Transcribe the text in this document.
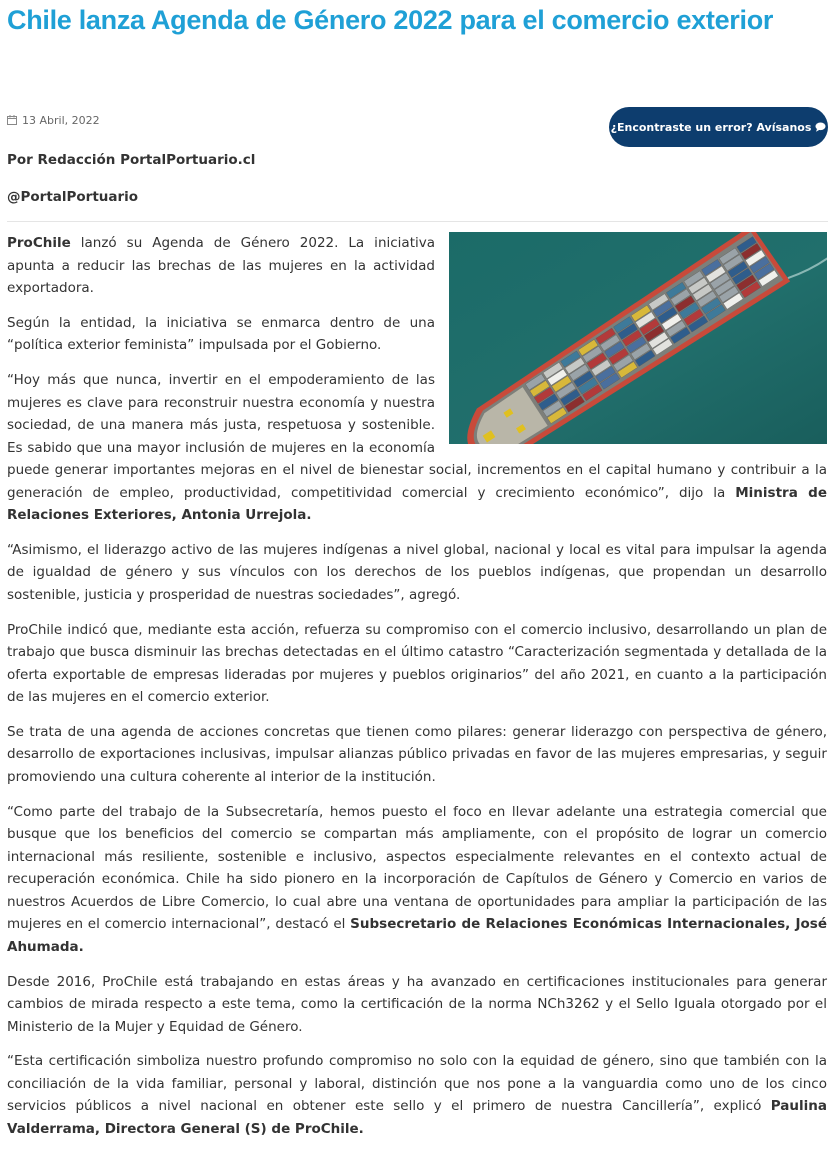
Chile lanza Agenda de Género 2022 para el comercio exterior
13 Abril, 2022
¿Encontraste un error? Avísanos

Por Redacción PortalPortuario.cl

@PortalPortuario

ProChile lanzó su Agenda de Género 2022. La iniciativa apunta a reducir las brechas de las mujeres en la actividad exportadora.

Según la entidad, la iniciativa se enmarca dentro de una “política exterior feminista” impulsada por el Gobierno.

“Hoy más que nunca, invertir en el empoderamiento de las mujeres es clave para reconstruir nuestra economía y nuestra sociedad, de una manera más justa, respetuosa y sostenible. Es sabido que una mayor inclusión de mujeres en la economía puede generar importantes mejoras en el nivel de bienestar social, incrementos en el capital humano y contribuir a la generación de empleo, productividad, competitividad comercial y crecimiento económico”, dijo la Ministra de Relaciones Exteriores, Antonia Urrejola.

“Asimismo, el liderazgo activo de las mujeres indígenas a nivel global, nacional y local es vital para impulsar la agenda de igualdad de género y sus vínculos con los derechos de los pueblos indígenas, que propendan un desarrollo sostenible, justicia y prosperidad de nuestras sociedades”, agregó.

ProChile indicó que, mediante esta acción, refuerza su compromiso con el comercio inclusivo, desarrollando un plan de trabajo que busca disminuir las brechas detectadas en el último catastro “Caracterización segmentada y detallada de la oferta exportable de empresas lideradas por mujeres y pueblos originarios” del año 2021, en cuanto a la participación de las mujeres en el comercio exterior.

Se trata de una agenda de acciones concretas que tienen como pilares: generar liderazgo con perspectiva de género, desarrollo de exportaciones inclusivas, impulsar alianzas público privadas en favor de las mujeres empresarias, y seguir promoviendo una cultura coherente al interior de la institución.

“Como parte del trabajo de la Subsecretaría, hemos puesto el foco en llevar adelante una estrategia comercial que busque que los beneficios del comercio se compartan más ampliamente, con el propósito de lograr un comercio internacional más resiliente, sostenible e inclusivo, aspectos especialmente relevantes en el contexto actual de recuperación económica. Chile ha sido pionero en la incorporación de Capítulos de Género y Comercio en varios de nuestros Acuerdos de Libre Comercio, lo cual abre una ventana de oportunidades para ampliar la participación de las mujeres en el comercio internacional”, destacó el Subsecretario de Relaciones Económicas Internacionales, José Ahumada.

Desde 2016, ProChile está trabajando en estas áreas y ha avanzado en certificaciones institucionales para generar cambios de mirada respecto a este tema, como la certificación de la norma NCh3262 y el Sello Iguala otorgado por el Ministerio de la Mujer y Equidad de Género.

“Esta certificación simboliza nuestro profundo compromiso no solo con la equidad de género, sino que también con la conciliación de la vida familiar, personal y laboral, distinción que nos pone a la vanguardia como uno de los cinco servicios públicos a nivel nacional en obtener este sello y el primero de nuestra Cancillería”, explicó Paulina Valderrama, Directora General (S) de ProChile.
